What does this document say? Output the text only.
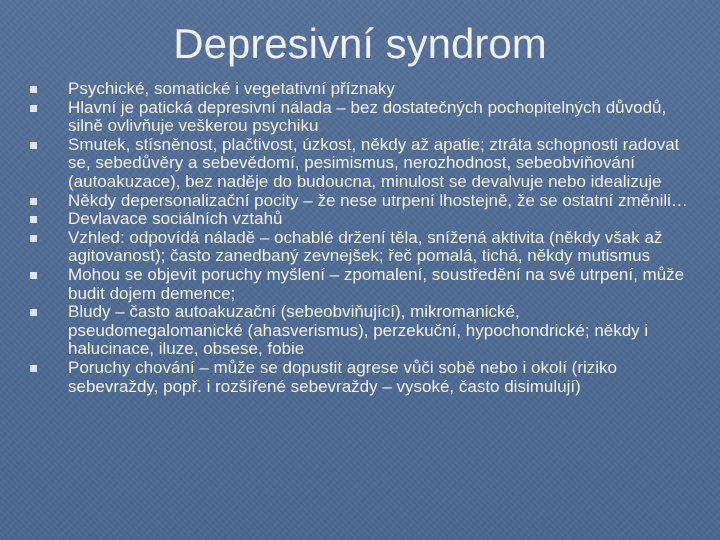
Depresivní syndrom
Psychické, somatické i vegetativní příznaky
Hlavní je patická depresivní nálada – bez dostatečných pochopitelných důvodů, silně ovlivňuje veškerou psychiku
Smutek, stísněnost, plačtivost, úzkost, někdy až apatie; ztráta schopnosti radovat se, sebedůvěry a sebevědomí, pesimismus, nerozhodnost, sebeobviňování (autoakuzace), bez naděje do budoucna, minulost se devalvuje nebo idealizuje
Někdy depersonalizační pocity – že nese utrpení lhostejně, že se ostatní změnili…
Devlavace sociálních vztahů
Vzhled: odpovídá náladě – ochablé držení těla, snížená aktivita (někdy však až agitovanost); často zanedbaný zevnejšek; řeč pomalá, tichá, někdy mutismus
Mohou se objevit poruchy myšlení – zpomalení, soustředění na své utrpení, může budit dojem demence;
Bludy – často autoakuzační (sebeobviňující), mikromanické, pseudomegalomanické (ahasverismus), perzekuční, hypochondrické; někdy i halucinace, iluze, obsese, fobie
Poruchy chování – může se dopustit agrese vůči sobě nebo i okolí (riziko sebevraždy, popř. i rozšířené sebevraždy – vysoké, často disimulují)
